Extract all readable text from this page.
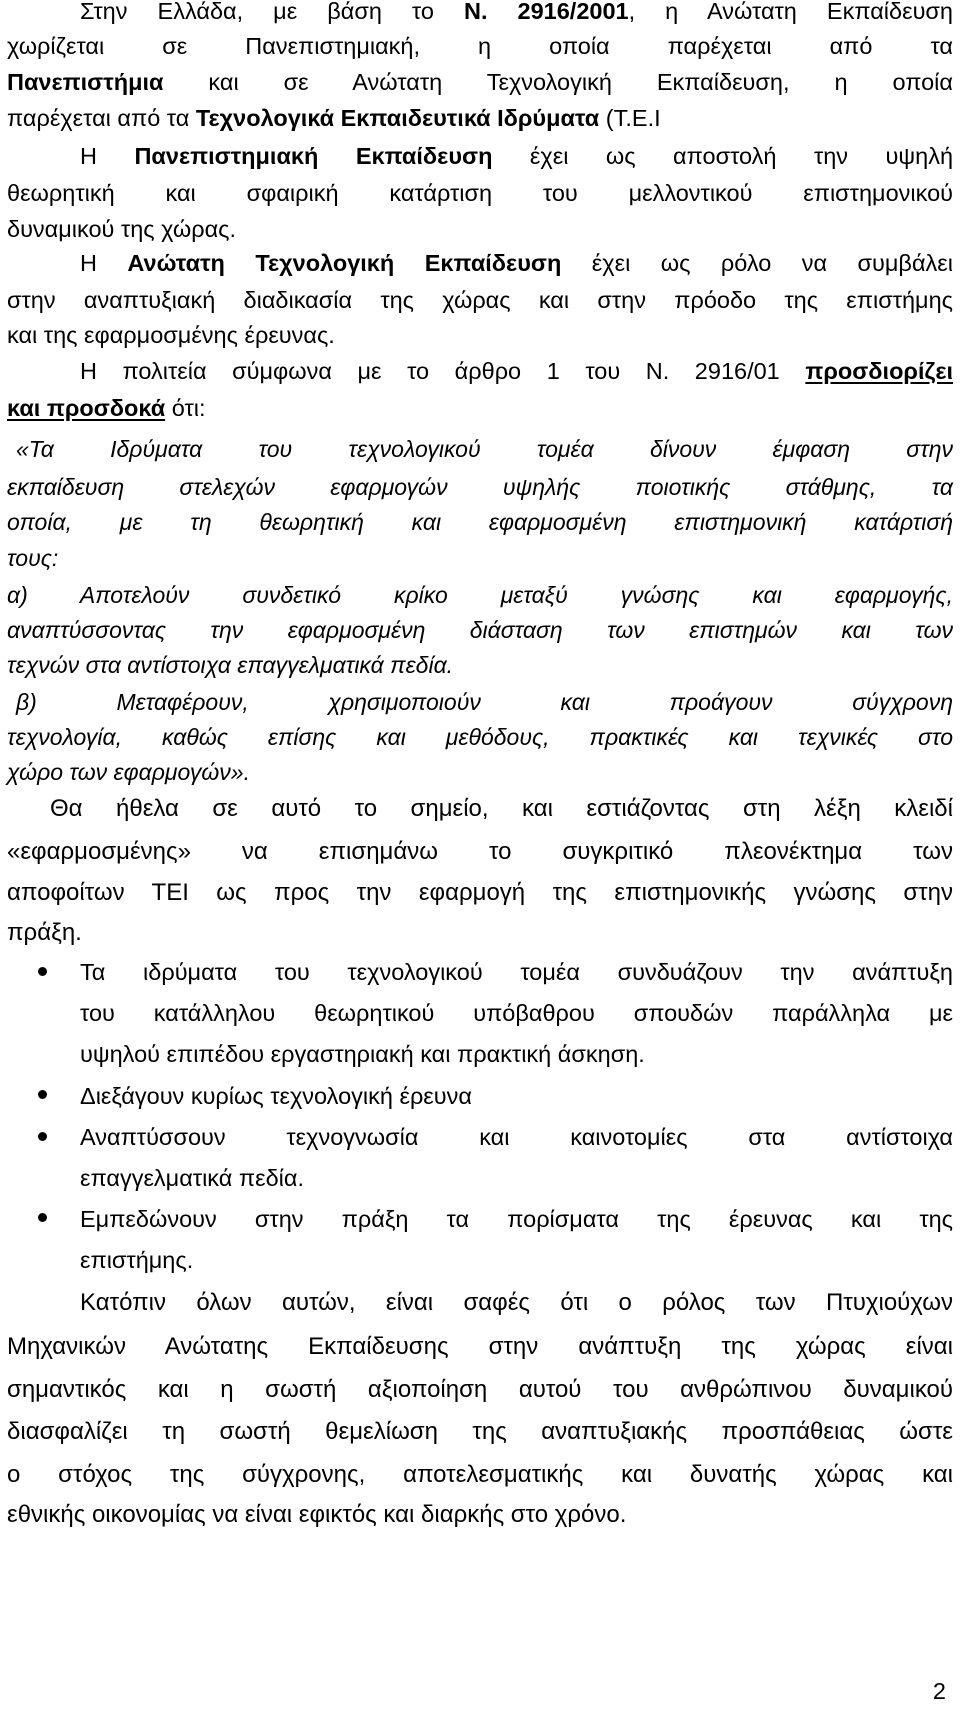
Στην Ελλάδα, με βάση το Ν. 2916/2001, η Ανώτατη Εκπαίδευση
χωρίζεται σε Πανεπιστημιακή, η οποία παρέχεται από τα
Πανεπιστήμια και σε Ανώτατη Τεχνολογική Εκπαίδευση, η οποία
παρέχεται από τα Τεχνολογικά Εκπαιδευτικά Ιδρύματα (Τ.Ε.Ι
Η Πανεπιστημιακή Εκπαίδευση έχει ως αποστολή την υψηλή
θεωρητική και σφαιρική κατάρτιση του μελλοντικού επιστημονικού
δυναμικού της χώρας.
Η Ανώτατη Τεχνολογική Εκπαίδευση έχει ως ρόλο να συμβάλει
στην αναπτυξιακή διαδικασία της χώρας και στην πρόοδο της επιστήμης
και της εφαρμοσμένης έρευνας.
Η πολιτεία σύμφωνα με το άρθρο 1 του Ν. 2916/01 προσδιορίζει
και προσδοκά ότι:
«Τα Ιδρύματα του τεχνολογικού τομέα δίνουν έμφαση στην
εκπαίδευση στελεχών εφαρμογών υψηλής ποιοτικής στάθμης, τα
οποία, με τη θεωρητική και εφαρμοσμένη επιστημονική κατάρτισή
τους:
α) Αποτελούν συνδετικό κρίκο μεταξύ γνώσης και εφαρμογής,
αναπτύσσοντας την εφαρμοσμένη διάσταση των επιστημών και των
τεχνών στα αντίστοιχα επαγγελματικά πεδία.
β) Μεταφέρουν, χρησιμοποιούν και προάγουν σύγχρονη
τεχνολογία, καθώς επίσης και μεθόδους, πρακτικές και τεχνικές στο
χώρο των εφαρμογών».
Θα ήθελα σε αυτό το σημείο, και εστιάζοντας στη λέξη κλειδί
«εφαρμοσμένης» να επισημάνω το συγκριτικό πλεονέκτημα των
αποφοίτων ΤΕΙ ως προς την εφαρμογή της επιστημονικής γνώσης στην
πράξη.
Τα ιδρύματα του τεχνολογικού τομέα συνδυάζουν την ανάπτυξη
του κατάλληλου θεωρητικού υπόβαθρου σπουδών παράλληλα με
υψηλού επιπέδου εργαστηριακή και πρακτική άσκηση.
Διεξάγουν κυρίως τεχνολογική έρευνα
Αναπτύσσουν τεχνογνωσία και καινοτομίες στα αντίστοιχα
επαγγελματικά πεδία.
Εμπεδώνουν στην πράξη τα πορίσματα της έρευνας και της
επιστήμης.
Κατόπιν όλων αυτών, είναι σαφές ότι ο ρόλος των Πτυχιούχων
Μηχανικών Ανώτατης Εκπαίδευσης στην ανάπτυξη της χώρας είναι
σημαντικός και η σωστή αξιοποίηση αυτού του ανθρώπινου δυναμικού
διασφαλίζει τη σωστή θεμελίωση της αναπτυξιακής προσπάθειας ώστε
ο στόχος της σύγχρονης, αποτελεσματικής και δυνατής χώρας και
εθνικής οικονομίας να είναι εφικτός και διαρκής στο χρόνο.
2
